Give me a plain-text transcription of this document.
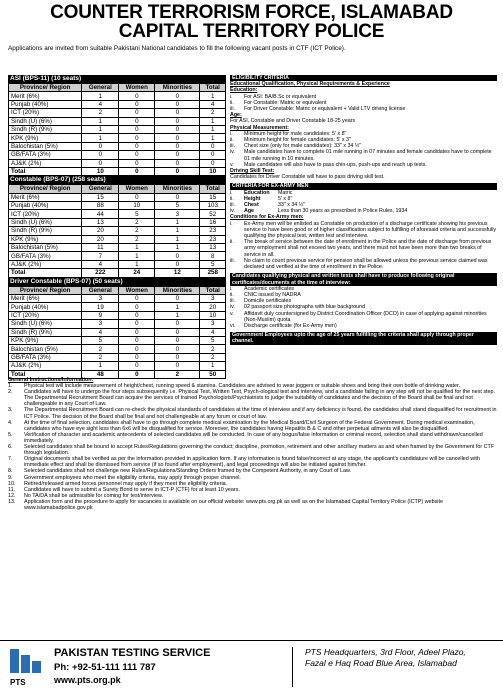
COUNTER TERRORISM FORCE, ISLAMABAD
CAPITAL TERRITORY POLICE
Applications are invited from suitable Pakistani National candidates to fill the following vacant posts in CTF (ICT Police).
ASI (BPS-11) (10 seats)
Province/ Region	General	Women	Minorities	Total
Merit (6%)	1	0	0	1
Punjab (40%)	4	0	0	4
ICT (20%)	2	0	0	2
Sindh (U) (6%)	1	0	0	1
Sindh (R) (9%)	1	0	0	1
KPK (9%)	1	0	0	1
Balochistan (5%)	0	0	0	0
GB/FATA (3%)	0	0	0	0
AJ&K (2%)	0	0	0	0
Total	10	0	0	10
Constable (BPS-07) (258 seats)
Province/ Region	General	Women	Minorities	Total
Merit (6%)	15	0	0	15
Punjab (40%)	88	10	5	103
ICT (20%)	44	5	3	52
Sindh (U) (6%)	13	2	1	16
Sindh (R) (9%)	20	2	1	23
KPK (9%)	20	2	1	23
Balochistan (5%)	11	1	1	13
GB/FATA (3%)	7	1	0	8
AJ&K (2%)	4	1	0	5
Total	222	24	12	258
Driver Constable (BPS-07) (50 seats)
Province/ Region	General	Women	Minorities	Total
Merit (6%)	3	0	0	3
Punjab (40%)	19	0	1	20
ICT (20%)	9	0	1	10
Sindh (U) (6%)	3	0	0	3
Sindh (R) (9%)	4	0	0	4
KPK (9%)	5	0	0	5
Balochistan (5%)	2	0	0	2
GB/FATA (3%)	2	0	0	2
AJ&K (2%)	1	0	0	1
Total	48	0	2	50
ELIGIBILITY CRITERIA
Educational Qualification, Physical Requirements & Experience
Education:
i.	For ASI: BA/B.Sc or equivalent
ii.	For Constable: Matric or equivalent
iii.	For Driver Constable: Matric or equivalent + Valid LTV driving license
Age:
For ASI, Constable and Driver Constable 18-25 years
Physical Measurement:
i.	Minimum height for male candidates: 5' x 8"
ii.	Minimum height for female candidates: 5' x 3"
iii.	Chest size (only for male candidates): 33" x 34 ½"
iv.	Male candidates have to complete 01 mile running in 07 minutes and female candidates have to complete 01 mile running in 10 minutes.
v.	Male candidates will also have to pass chin-ups, push-ups and reach up tests.
Driving Skill Test:
Candidates for Driver Constable will have to pass driving skill test.
CRITERIA FOR EX-ARMY MEN
i.	Education	Matric
ii.	Height	5' x 8"
iii.	Chest	33" x 34 ½"
iv.	Age	Less than 30 years as prescribed in Police Rules, 1934
Conditions for Ex-Army men:
i.	Ex-Army men will be enlisted as Constable on production of a discharge certificate showing his previous service to have been good or of higher classification subject to fulfilling of aforesaid criteria and successfully qualifying the physical test, written test and interview.
ii.	The break of service between the date of enrollment in the Police and the date of discharge from previous army employment shall not exceed two years, and there must not have been more than two breaks of service in all.
iii.	No claim to count previous service for pension shall be allowed unless the previous service claimed was declared and verified at the time of enrollment in the Police.
Candidates qualifying physical and written tests shall have to produce following original certificates/documents at the time of interview:
i.	Academic certificates
ii.	CNIC issued by NADRA
iii.	Domicile certificates
iv.	02 passport size photographs with blue background
v.	Affidavit duly countersigned by District Coordination Officer (DCO) in case of applying against minorities (Non-Muslim) quota
vi.	Discharge certificate (for Ex-Army men)
Government Employees upto the age of 25 years fulfilling the criteria shall apply through proper channel.
General Instructions/Information:
1.	Physical test will include measurement of height/chest, running speed & stamina. Candidates are advised to wear joggers or suitable shoes and bring their own bottle of drinking water.
2.	Candidates will have to undergo the four steps subsequently i.e. Physical Test, Written Test, Psych-ological test and interview, and a candidate failing in any step will not be qualified for the next step. The Departmental Recruitment Board can acquire the services of trained Psychologists/Psychiatrists to judge the suitability of candidates and the decision of the Board shall be final and not challengeable in any Court of Law.
3.	The Departmental Recruitment Board can re-check the physical standards of candidates at the time of interview and if any deficiency is found, the candidates shall stand disqualified for recruitment in ICT Police. The decision of the Board shall be final and not challengeable at any forum or court of law.
4.	At the time of final selection, candidates shall have to go through complete medical examination by the Medical Board/Civil Surgeon of the Federal Government. During medical examination, candidates who have eye sight less than 6x6 will be disqualified for service. Moreover, the candidates having Hepatitis B & C and other perpetual ailments will also be disqualified.
5.	Verification of character and academic antecedents of selected candidates will be conducted. In case of any bogus/false information or criminal record, selection shall stand withdrawn/cancelled immediately.
6.	Selected candidates shall be bound to accept Rules/Regulations governing the conduct; discipline, promotion, retirement and other ancillary matters as and when framed by the Government for CTF through legislation.
7.	Original documents shall be verified as per the information provided in application form. If any information is found false/incorrect at any stage, the applicant's candidature will be cancelled with immediate effect and shall be dismissed from service (if so found after employment), and legal proceedings will also be initiated against him/her.
8.	Selected candidates shall not challenge new Rules/Regulations/Standing Orders framed by the Competent Authority, in any Court of Law.
9.	Government employees who meet the eligibility criteria, may apply through proper channel.
10.	Retired/released armed forces personnel may apply if they meet the eligibility criteria.
11.	Candidates will have to submit a Surety Bond to serve in ICT-P (CTF) for at least 10 years.
12.	No TA/DA shall be admissible for coming for test/interview.
13.	Application form and the procedure to apply for vacancies is available on our official website: www.pts.org.pk as well as on the Islamabad Capital Territory Police (ICTP) website www.islamabadpolice.gov.pk
PTS
PAKISTAN TESTING SERVICE
Ph: +92-51-111 111 787
www.pts.org.pk
PTS Headquarters, 3rd Floor, Adeel Plazo,
Fazal e Haq Road Blue Area, Islamabad
